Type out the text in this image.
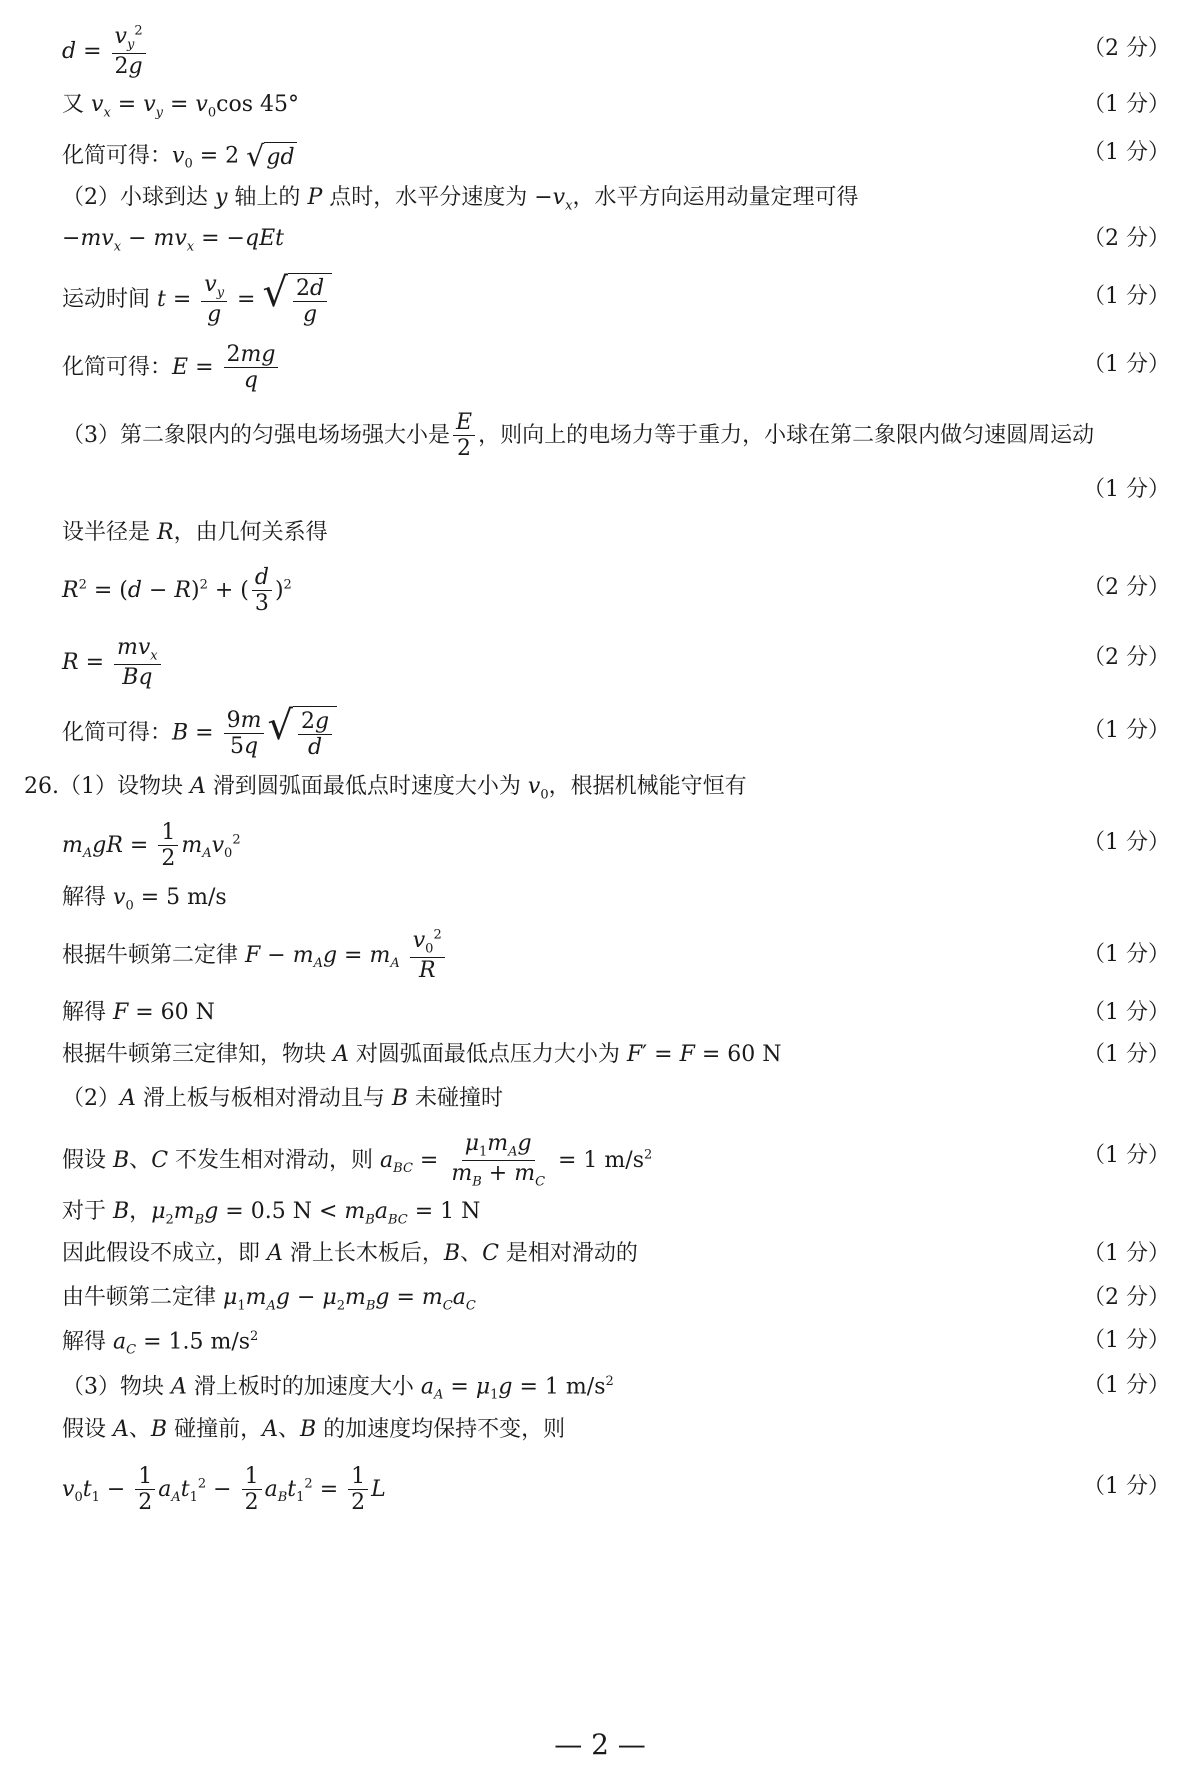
$d = \frac{v_y^2}{2g}$	（2 分）
又 $v_x = v_y = v_0\cos$ 45°	（1 分）
化简可得：$v_0 = 2$ √ gd	（1 分）
（2）小球到达 y 轴上的 P 点时，水平分速度为 $-v_x$，水平方向运用动量定理可得
$-mv_x - mv_x = -qEt$	（2 分）
运动时间 $t = \frac{v_y}{g}$ = √ $\frac{2d}{g}$	（1 分）
化简可得：$E = \frac{2mg}{q}$	（1 分）
（3）第二象限内的匀强电场场强大小是 $\frac{E}{2}$ ，则向上的电场力等于重力，小球在第二象限内做匀速圆周运动
（1 分）
设半径是 R，由几何关系得
$R^2 = (d - R)^2$ + ( $\frac{d}{3} )^2$	（2 分）
$R = \frac{mv_x}{Bq}$	（2 分）
化简可得：$B = \frac{9m}{5q}$ √ $\frac{2g}{d}$	（1 分）
26.（1）设物块 A 滑到圆弧面最低点时速度大小为 $v_0$，根据机械能守恒有
$m_AgR = \frac{1}{2} m_Av_0^2$	（1 分）
解得 $v_0 = 5$ m/s
根据牛顿第二定律 $F - m_Ag = m_A \frac{v_0^2}{R}$	（1 分）
解得 F = 60 N	（1 分）
根据牛顿第三定律知，物块 A 对圆弧面最低点压力大小为 F′ = F = 60 N	（1 分）
（2）A 滑上板与板相对滑动且与 B 未碰撞时
假设 B、C 不发生相对滑动，则 $a_{BC} = \frac{\mu_1m_Ag}{m_B + m_C} = 1$ $m/s^2$	（1 分）
对于 B，$\mu_2m_Bg = 0.5$ $N < m_Ba_{BC} = 1$ N
因此假设不成立，即 A 滑上长木板后，B、C 是相对滑动的	（1 分）
由牛顿第二定律 $\mu_1m_Ag - \mu_2m_Bg = m_Ca_C$	（2 分）
解得 $a_C = 1.5$ $m/s^2$	（1 分）
（3）物块 A 滑上板时的加速度大小 $a_A = \mu_1g = 1$ $m/s^2$	（1 分）
假设 A、B 碰撞前，A、B 的加速度均保持不变，则
$v_0t_1 - \frac{1}{2} a_At_1^2 - \frac{1}{2} a_Bt_1^2 = \frac{1}{2}$ L	（1 分）
— 2 —
